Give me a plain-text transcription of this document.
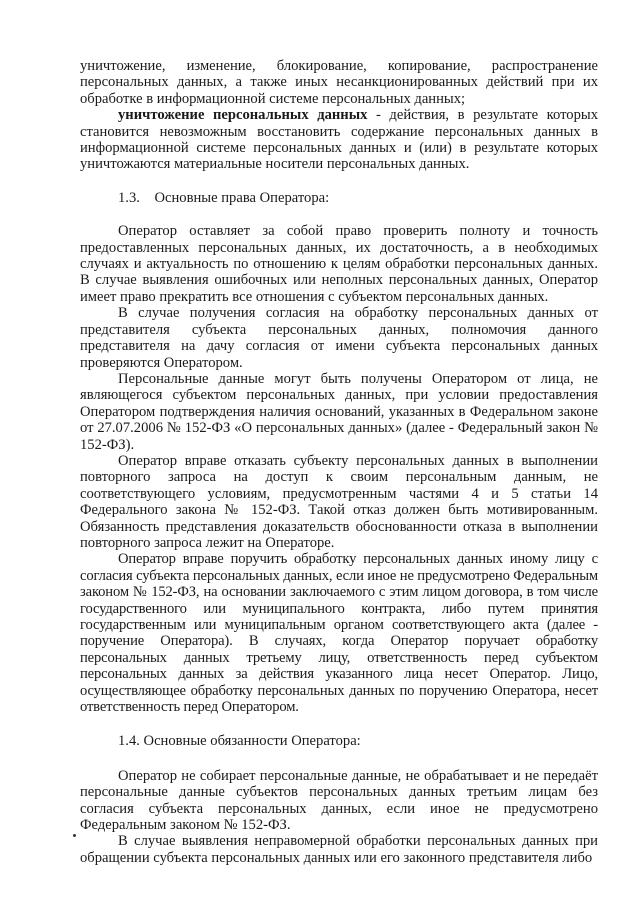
уничтожение, изменение, блокирование, копирование, распространение персональных данных, а также иных несанкционированных действий при их обработке в информационной системе персональных данных;

уничтожение персональных данных - действия, в результате которых становится невозможным восстановить содержание персональных данных в информационной системе персональных данных и (или) в результате которых уничтожаются материальные носители персональных данных.

1.3.    Основные права Оператора:

Оператор оставляет за собой право проверить полноту и точность предоставленных персональных данных, их достаточность, а в необходимых случаях и актуальность по отношению к целям обработки персональных данных. В случае выявления ошибочных или неполных персональных данных, Оператор имеет право прекратить все отношения с субъектом персональных данных.

В случае получения согласия на обработку персональных данных от представителя субъекта персональных данных, полномочия данного представителя на дачу согласия от имени субъекта персональных данных проверяются Оператором.

Персональные данные могут быть получены Оператором от лица, не являющегося субъектом персональных данных, при условии предоставления Оператором подтверждения наличия оснований, указанных в Федеральном законе от 27.07.2006 № 152-ФЗ «О персональных данных» (далее - Федеральный закон № 152-ФЗ).

Оператор вправе отказать субъекту персональных данных в выполнении повторного запроса на доступ к своим персональным данным, не соответствующего условиям, предусмотренным частями 4 и 5 статьи 14 Федерального закона № 152-ФЗ. Такой отказ должен быть мотивированным. Обязанность представления доказательств обоснованности отказа в выполнении повторного запроса лежит на Операторе.

Оператор вправе поручить обработку персональных данных иному лицу с согласия субъекта персональных данных, если иное не предусмотрено Федеральным законом № 152-ФЗ, на основании заключаемого с этим лицом договора, в том числе государственного или муниципального контракта, либо путем принятия государственным или муниципальным органом соответствующего акта (далее - поручение Оператора). В случаях, когда Оператор поручает обработку персональных данных третьему лицу, ответственность перед субъектом персональных данных за действия указанного лица несет Оператор. Лицо, осуществляющее обработку персональных данных по поручению Оператора, несет ответственность перед Оператором.

1.4. Основные обязанности Оператора:

Оператор не собирает персональные данные, не обрабатывает и не передаёт персональные данные субъектов персональных данных третьим лицам без согласия субъекта персональных данных, если иное не предусмотрено Федеральным законом № 152-ФЗ.

В случае выявления неправомерной обработки персональных данных при обращении субъекта персональных данных или его законного представителя либо
